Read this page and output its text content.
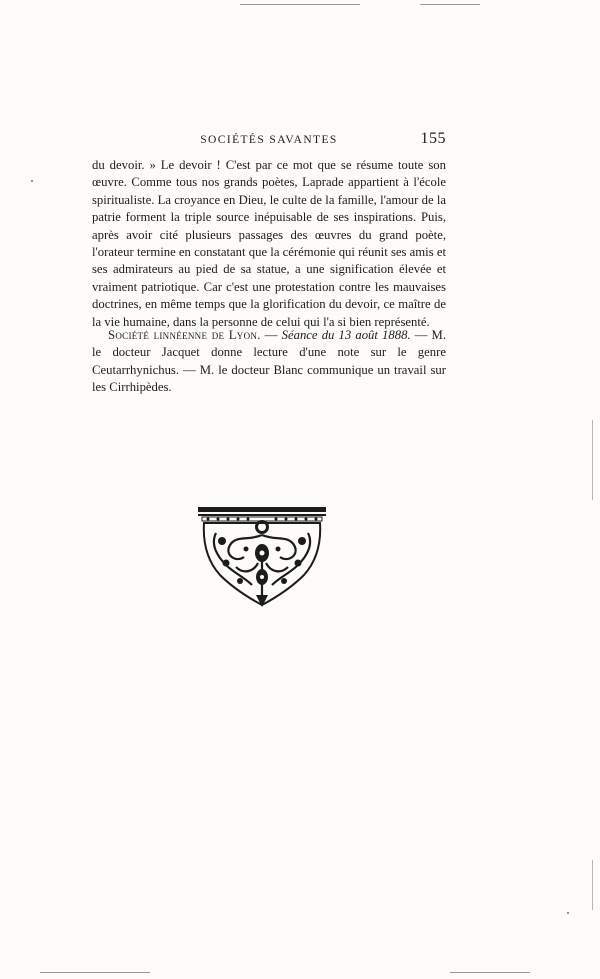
SOCIÉTÉS SAVANTES	155

du devoir. » Le devoir ! C'est par ce mot que se résume toute son œuvre. Comme tous nos grands poètes, Laprade appartient à l'école spiritualiste. La croyance en Dieu, le culte de la famille, l'amour de la patrie forment la triple source inépuisable de ses inspirations. Puis, après avoir cité plusieurs passages des œuvres du grand poète, l'orateur termine en constatant que la cérémonie qui réunit ses amis et ses admirateurs au pied de sa statue, a une signification élevée et vraiment patriotique. Car c'est une protestation contre les mauvaises doctrines, en même temps que la glorification du devoir, ce maître de la vie humaine, dans la personne de celui qui l'a si bien représenté.

Société linnéenne de Lyon. — Séance du 13 août 1888. — M. le docteur Jacquet donne lecture d'une note sur le genre Ceutarrhynichus. — M. le docteur Blanc communique un travail sur les Cirrhipèdes.
